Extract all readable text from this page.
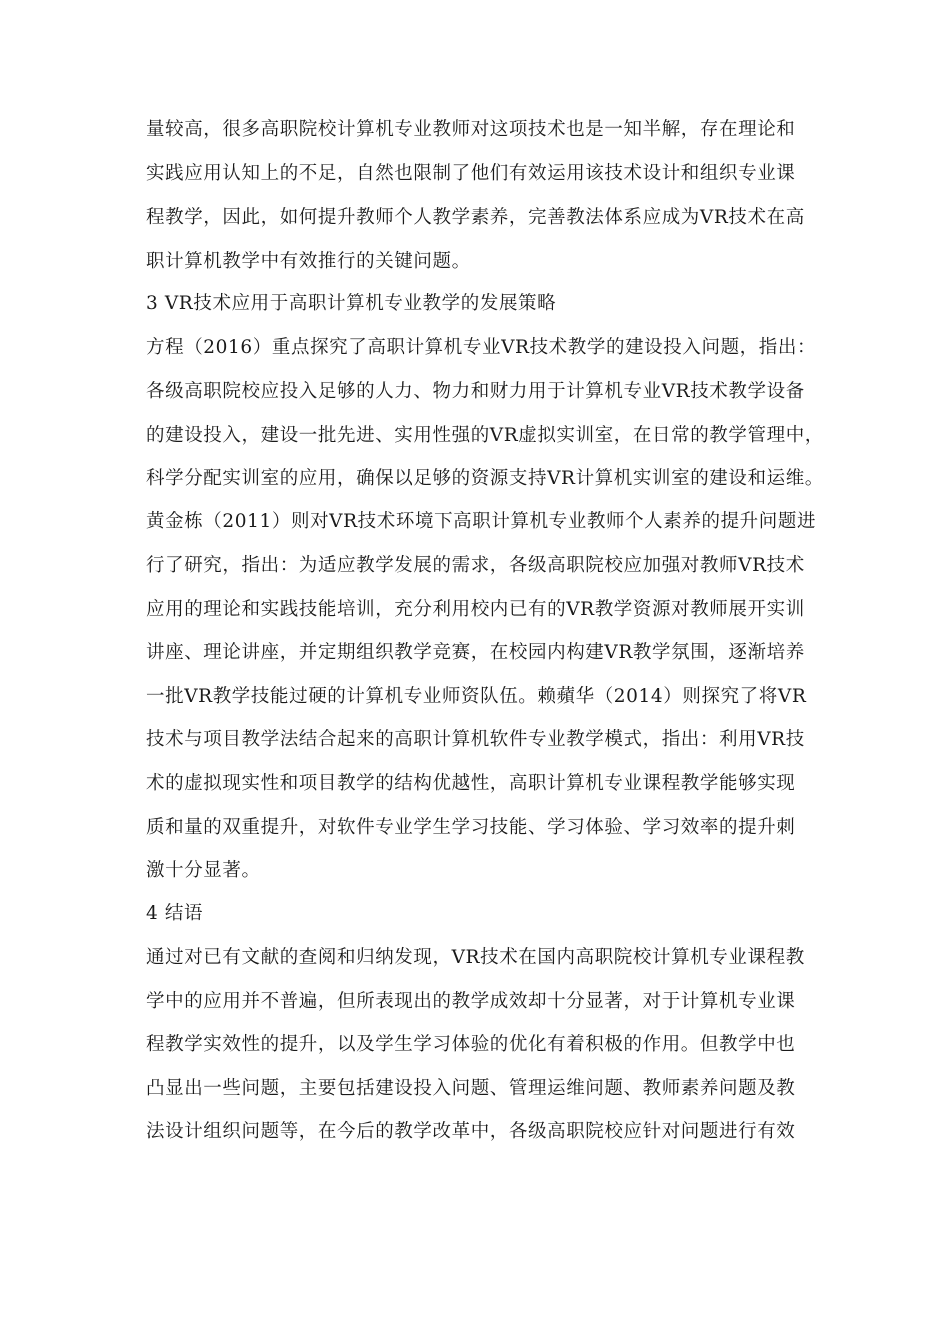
量较高，很多高职院校计算机专业教师对这项技术也是一知半解，存在理论和
实践应用认知上的不足，自然也限制了他们有效运用该技术设计和组织专业课
程教学，因此，如何提升教师个人教学素养，完善教法体系应成为VR技术在高
职计算机教学中有效推行的关键问题。
3 VR技术应用于高职计算机专业教学的发展策略
方程（2016）重点探究了高职计算机专业VR技术教学的建设投入问题，指出：
各级高职院校应投入足够的人力、物力和财力用于计算机专业VR技术教学设备
的建设投入，建设一批先进、实用性强的VR虚拟实训室，在日常的教学管理中，
科学分配实训室的应用，确保以足够的资源支持VR计算机实训室的建设和运维。
黄金栋（2011）则对VR技术环境下高职计算机专业教师个人素养的提升问题进
行了研究，指出：为适应教学发展的需求，各级高职院校应加强对教师VR技术
应用的理论和实践技能培训，充分利用校内已有的VR教学资源对教师展开实训
讲座、理论讲座，并定期组织教学竞赛，在校园内构建VR教学氛围，逐渐培养
一批VR教学技能过硬的计算机专业师资队伍。赖蘋华（2014）则探究了将VR
技术与项目教学法结合起来的高职计算机软件专业教学模式，指出：利用VR技
术的虚拟现实性和项目教学的结构优越性，高职计算机专业课程教学能够实现
质和量的双重提升，对软件专业学生学习技能、学习体验、学习效率的提升刺
激十分显著。
4 结语
通过对已有文献的查阅和归纳发现，VR技术在国内高职院校计算机专业课程教
学中的应用并不普遍，但所表现出的教学成效却十分显著，对于计算机专业课
程教学实效性的提升，以及学生学习体验的优化有着积极的作用。但教学中也
凸显出一些问题，主要包括建设投入问题、管理运维问题、教师素养问题及教
法设计组织问题等，在今后的教学改革中，各级高职院校应针对问题进行有效
